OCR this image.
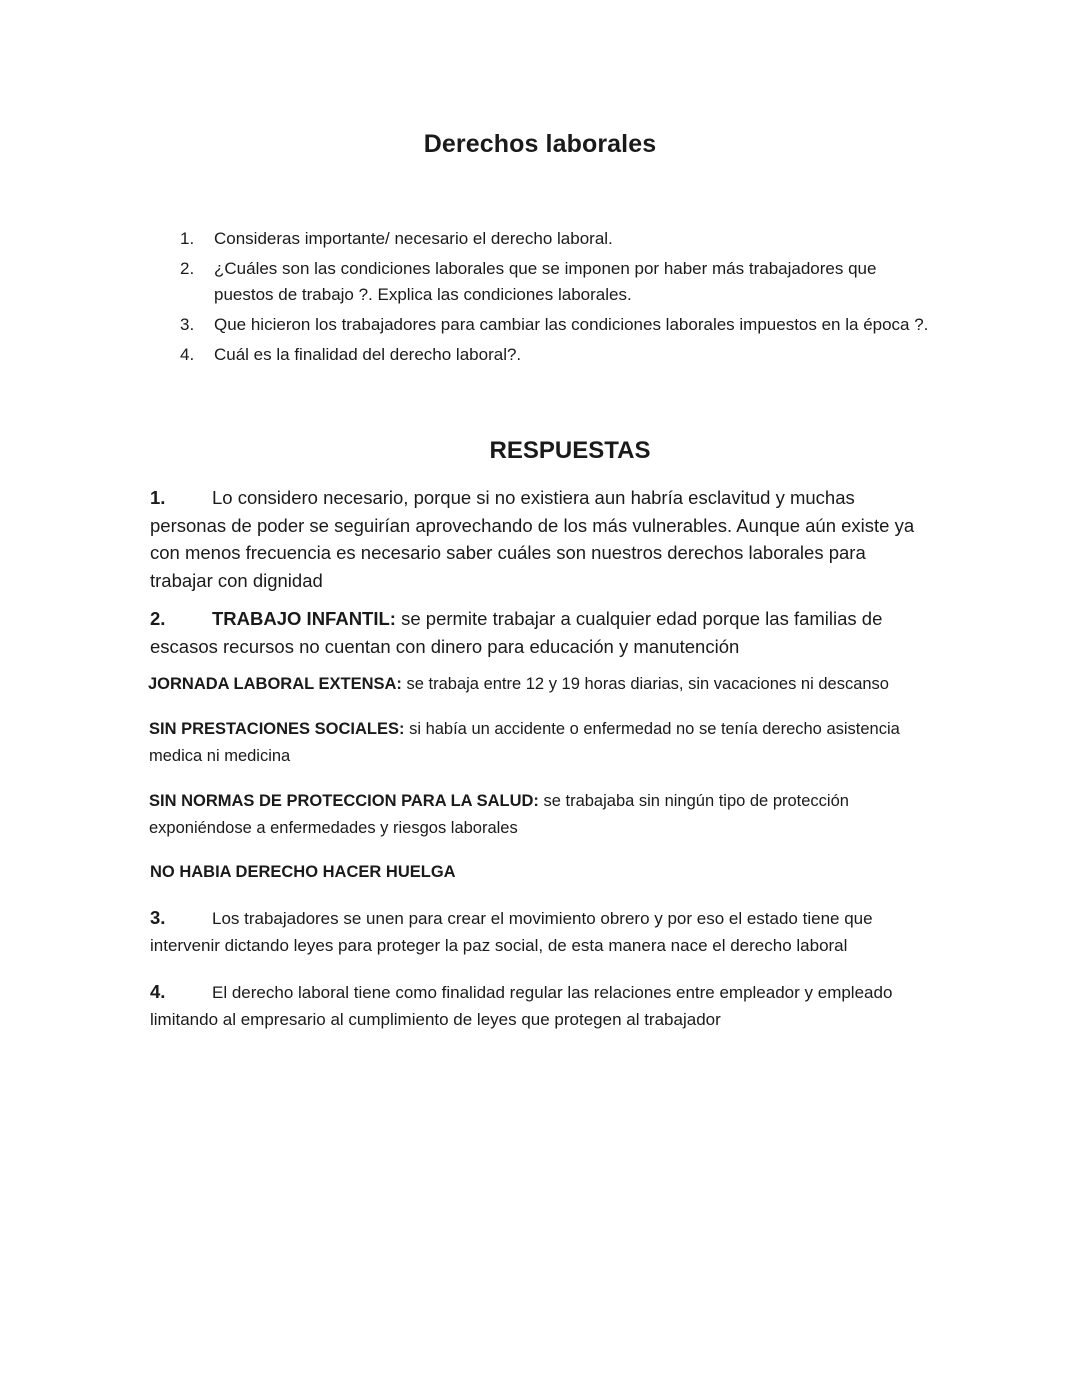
Derechos laborales
1. Consideras importante/ necesario el derecho laboral.
2. ¿Cuáles son las condiciones laborales que se imponen por haber más trabajadores que puestos de trabajo ?. Explica las condiciones laborales.
3. Que hicieron los trabajadores para cambiar las condiciones laborales impuestos en la época ?.
4. Cuál es la finalidad del derecho laboral?.
RESPUESTAS
1.	Lo considero necesario, porque si no existiera aun habría esclavitud y muchas personas de poder se seguirían aprovechando de los más vulnerables. Aunque aún existe ya con menos frecuencia es necesario saber cuáles son nuestros derechos laborales para trabajar con dignidad
2.	TRABAJO INFANTIL: se permite trabajar a cualquier edad porque las familias de escasos recursos no cuentan con dinero para educación y manutención
JORNADA LABORAL EXTENSA: se trabaja entre 12 y 19 horas diarias, sin vacaciones ni descanso
SIN PRESTACIONES SOCIALES: si había un accidente o enfermedad no se tenía derecho asistencia medica ni medicina
SIN NORMAS DE PROTECCION PARA LA SALUD: se trabajaba sin ningún tipo de protección exponiéndose a enfermedades y riesgos laborales
NO HABIA DERECHO HACER HUELGA
3.	Los trabajadores se unen para crear el movimiento obrero y por eso el estado tiene que intervenir dictando leyes para proteger la paz social, de esta manera nace el derecho laboral
4.	El derecho laboral tiene como finalidad regular las relaciones entre empleador y empleado limitando al empresario al cumplimiento de leyes que protegen al trabajador
